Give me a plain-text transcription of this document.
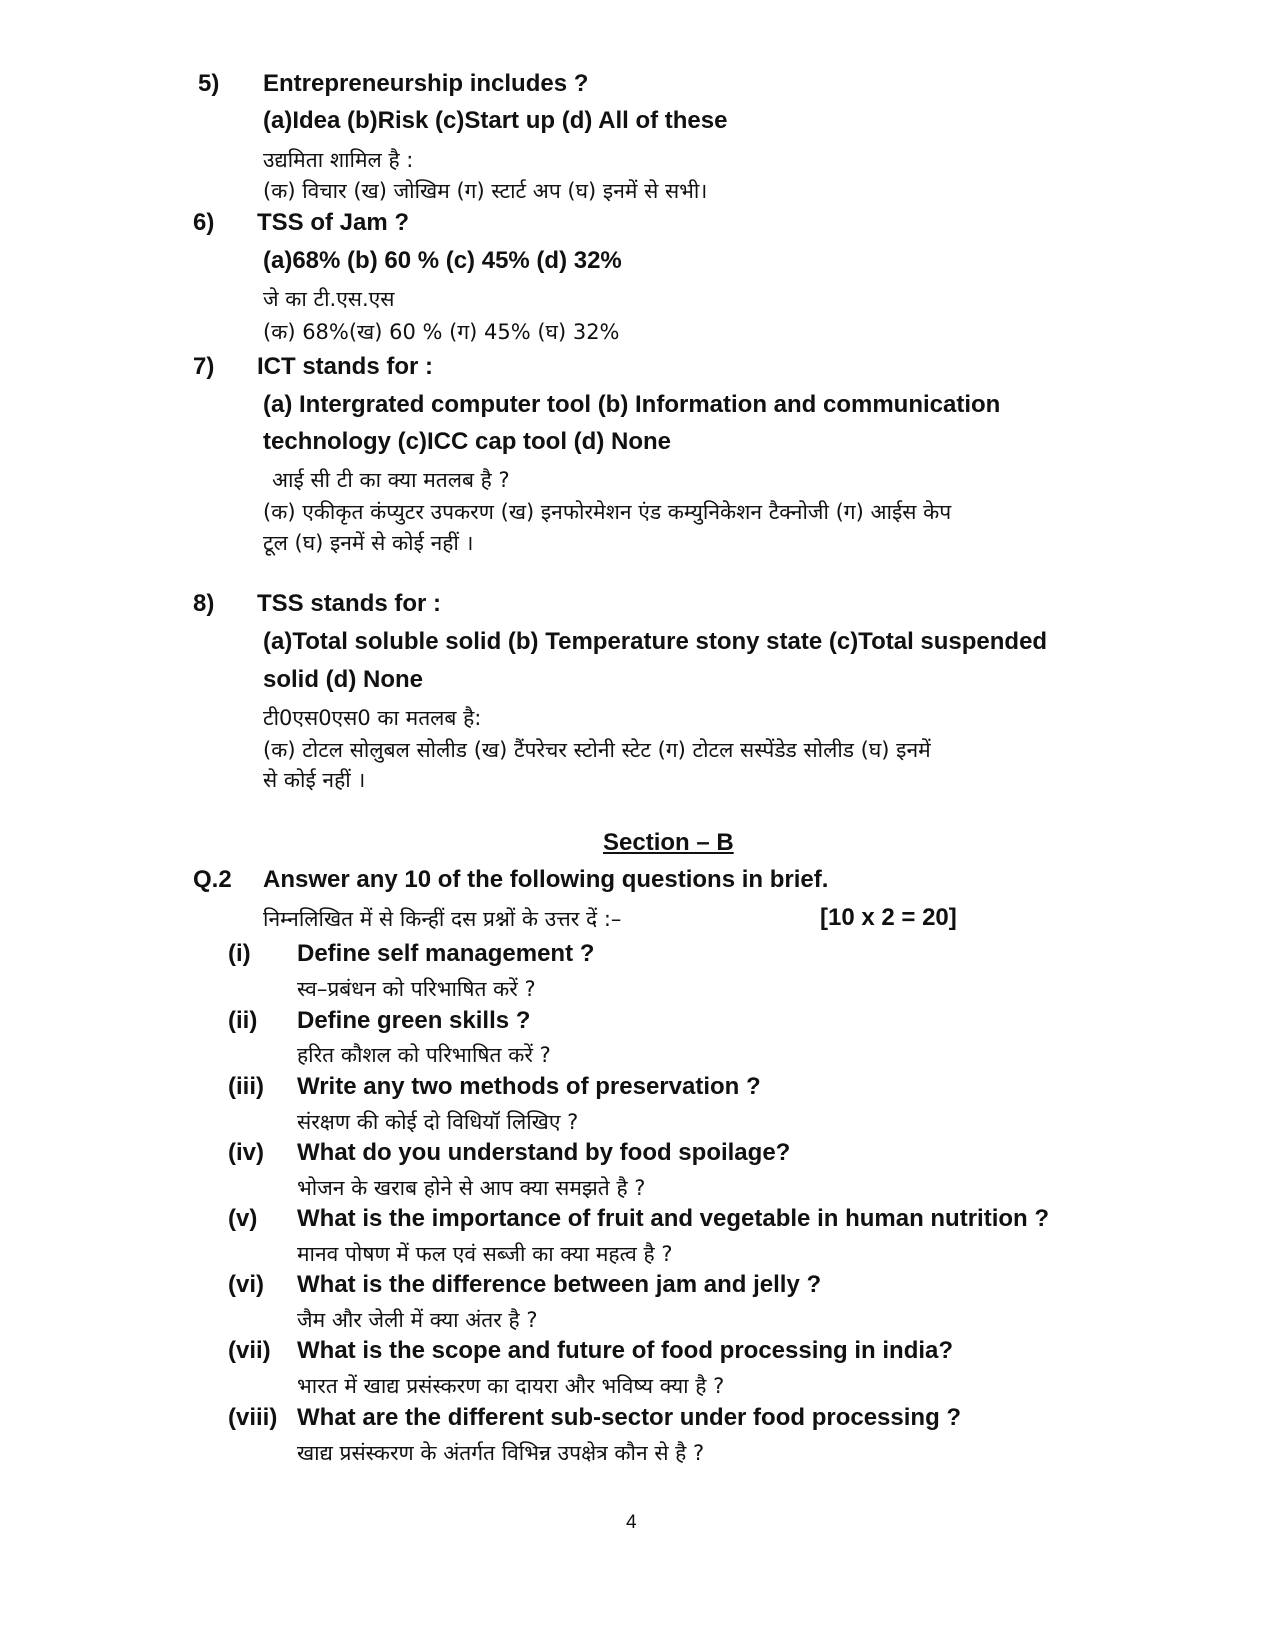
5) Entrepreneurship includes ?
(a)Idea (b)Risk (c)Start up (d) All of these
उद्यमिता शामिल है :
(क) विचार (ख) जोखिम (ग) स्टार्ट अप (घ) इनमें से सभी।
6) TSS of Jam ?
(a)68% (b) 60 % (c) 45% (d) 32%
जे का टी.एस.एस
(क) 68%(ख) 60 % (ग) 45% (घ) 32%
7) ICT stands for :
(a) Intergrated computer tool (b) Information and communication
technology (c)ICC cap tool (d) None
आई सी टी का क्या मतलब है ?
(क) एकीकृत कंप्युटर उपकरण (ख) इनफोरमेशन एंड कम्युनिकेशन टैक्नोजी (ग) आईस केप
टूल (घ) इनमें से कोई नहीं ।
8) TSS stands for :
(a)Total soluble solid (b) Temperature stony state (c)Total suspended
solid (d) None
टी0एस0एस0 का मतलब है:
(क) टोटल सोलुबल सोलीड (ख) टैंपरेचर स्टोनी स्टेट (ग) टोटल सस्पेंडेड सोलीड (घ) इनमें
से कोई नहीं ।
Section – B
Q.2 Answer any 10 of the following questions in brief.
निम्नलिखित में से किन्हीं दस प्रश्नों के उत्तर दें :–	[10 x 2 = 20]
(i) Define self management ?
स्व–प्रबंधन को परिभाषित करें ?
(ii) Define green skills ?
हरित कौशल को परिभाषित करें ?
(iii) Write any two methods of preservation ?
संरक्षण की कोई दो विधियॉ लिखिए ?
(iv) What do you understand by food spoilage?
भोजन के खराब होने से आप क्या समझते है ?
(v) What is the importance of fruit and vegetable in human nutrition ?
मानव पोषण में फल एवं सब्जी का क्या महत्व है ?
(vi) What is the difference between jam and jelly ?
जैम और जेली में क्या अंतर है ?
(vii) What is the scope and future of food processing in india?
भारत में खाद्य प्रसंस्करण का दायरा और भविष्य क्या है ?
(viii) What are the different sub-sector under food processing ?
खाद्य प्रसंस्करण के अंतर्गत विभिन्न उपक्षेत्र कौन से है ?
4
